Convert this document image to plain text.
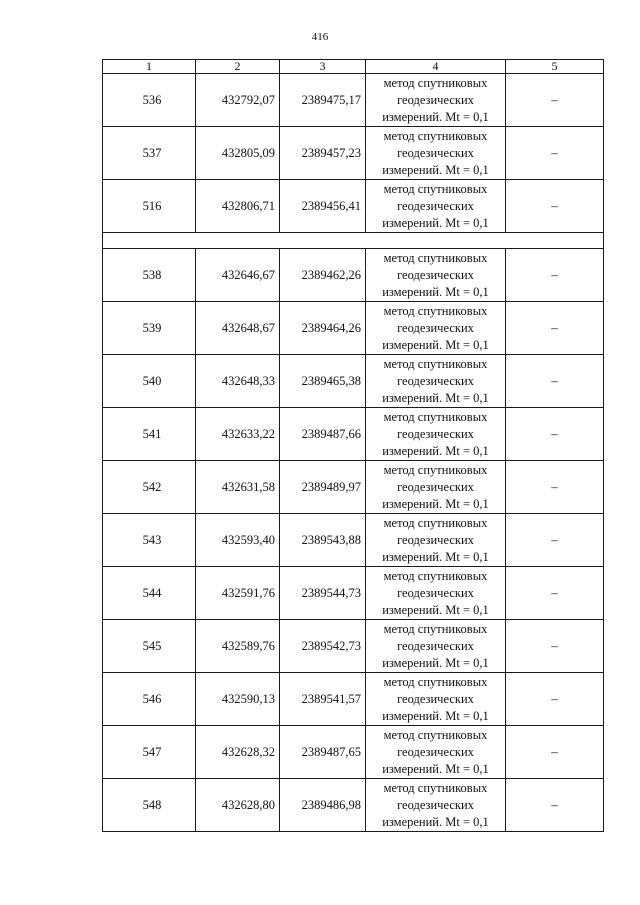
416
1	2	3	4	5
536	432792,07	2389475,17	метод спутниковых
геодезических
измерений. Mt = 0,1	–
537	432805,09	2389457,23	метод спутниковых
геодезических
измерений. Mt = 0,1	–
516	432806,71	2389456,41	метод спутниковых
геодезических
измерений. Mt = 0,1	–

538	432646,67	2389462,26	метод спутниковых
геодезических
измерений. Mt = 0,1	–
539	432648,67	2389464,26	метод спутниковых
геодезических
измерений. Mt = 0,1	–
540	432648,33	2389465,38	метод спутниковых
геодезических
измерений. Mt = 0,1	–
541	432633,22	2389487,66	метод спутниковых
геодезических
измерений. Mt = 0,1	–
542	432631,58	2389489,97	метод спутниковых
геодезических
измерений. Mt = 0,1	–
543	432593,40	2389543,88	метод спутниковых
геодезических
измерений. Mt = 0,1	–
544	432591,76	2389544,73	метод спутниковых
геодезических
измерений. Mt = 0,1	–
545	432589,76	2389542,73	метод спутниковых
геодезических
измерений. Mt = 0,1	–
546	432590,13	2389541,57	метод спутниковых
геодезических
измерений. Mt = 0,1	–
547	432628,32	2389487,65	метод спутниковых
геодезических
измерений. Mt = 0,1	–
548	432628,80	2389486,98	метод спутниковых
геодезических
измерений. Mt = 0,1	–
